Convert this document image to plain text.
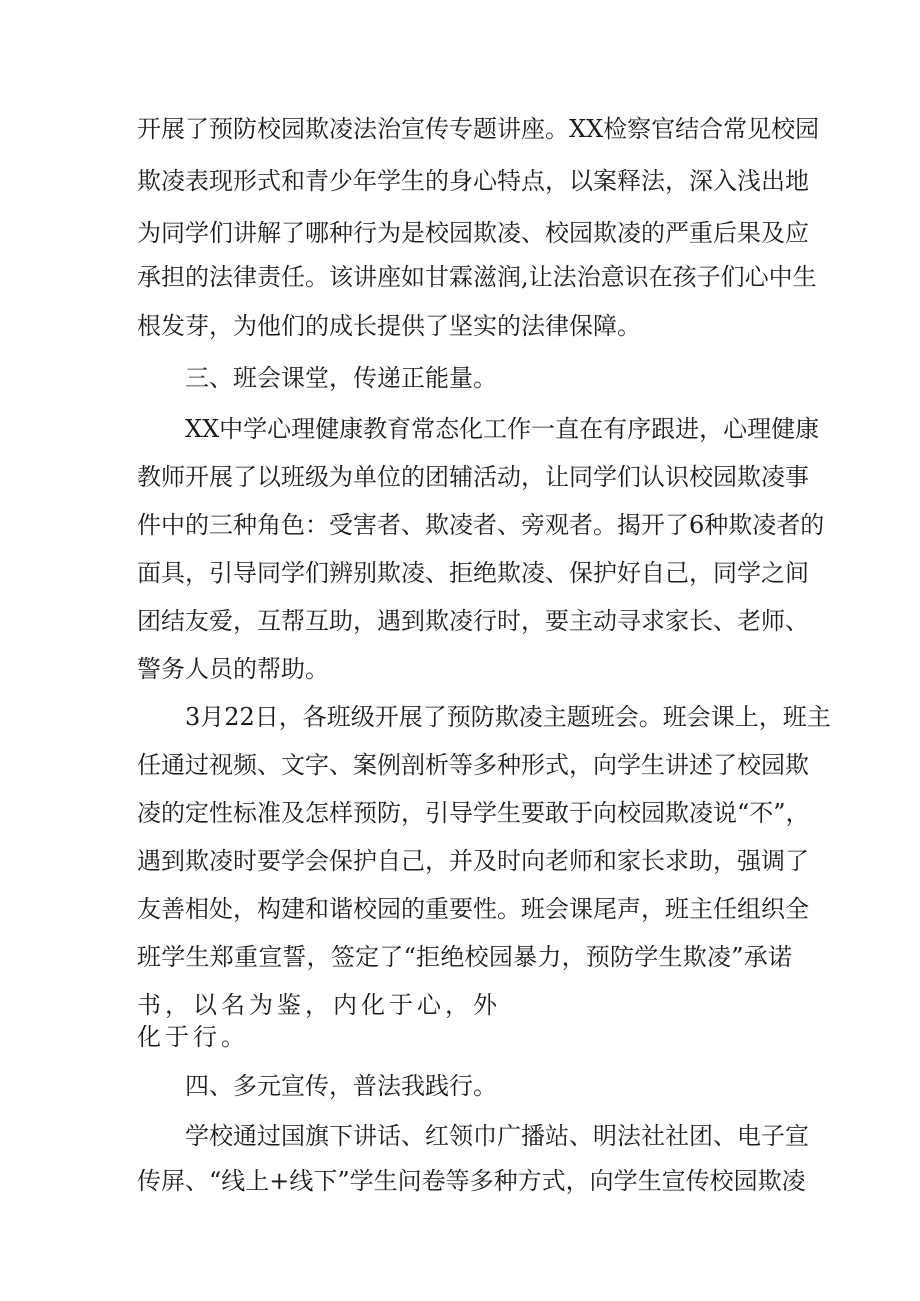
开展了预防校园欺凌法治宣传专题讲座。XX检察官结合常见校园
欺凌表现形式和青少年学生的身心特点，以案释法，深入浅出地
为同学们讲解了哪种行为是校园欺凌、校园欺凌的严重后果及应
承担的法律责任。该讲座如甘霖滋润,让法治意识在孩子们心中生
根发芽，为他们的成长提供了坚实的法律保障。
三、班会课堂，传递正能量。
XX中学心理健康教育常态化工作一直在有序跟进，心理健康
教师开展了以班级为单位的团辅活动，让同学们认识校园欺凌事
件中的三种角色：受害者、欺凌者、旁观者。揭开了6种欺凌者的
面具，引导同学们辨别欺凌、拒绝欺凌、保护好自己，同学之间
团结友爱，互帮互助，遇到欺凌行时，要主动寻求家长、老师、
警务人员的帮助。
3月22日，各班级开展了预防欺凌主题班会。班会课上，班主
任通过视频、文字、案例剖析等多种形式，向学生讲述了校园欺
凌的定性标准及怎样预防，引导学生要敢于向校园欺凌说“不”，
遇到欺凌时要学会保护自己，并及时向老师和家长求助，强调了
友善相处，构建和谐校园的重要性。班会课尾声，班主任组织全
班学生郑重宣誓，签定了“拒绝校园暴力，预防学生欺凌”承诺
书，以名为鉴，内化于心，外
化于行。
四、多元宣传，普法我践行。
学校通过国旗下讲话、红领巾广播站、明法社社团、电子宣
传屏、“线上+线下”学生问卷等多种方式，向学生宣传校园欺凌
